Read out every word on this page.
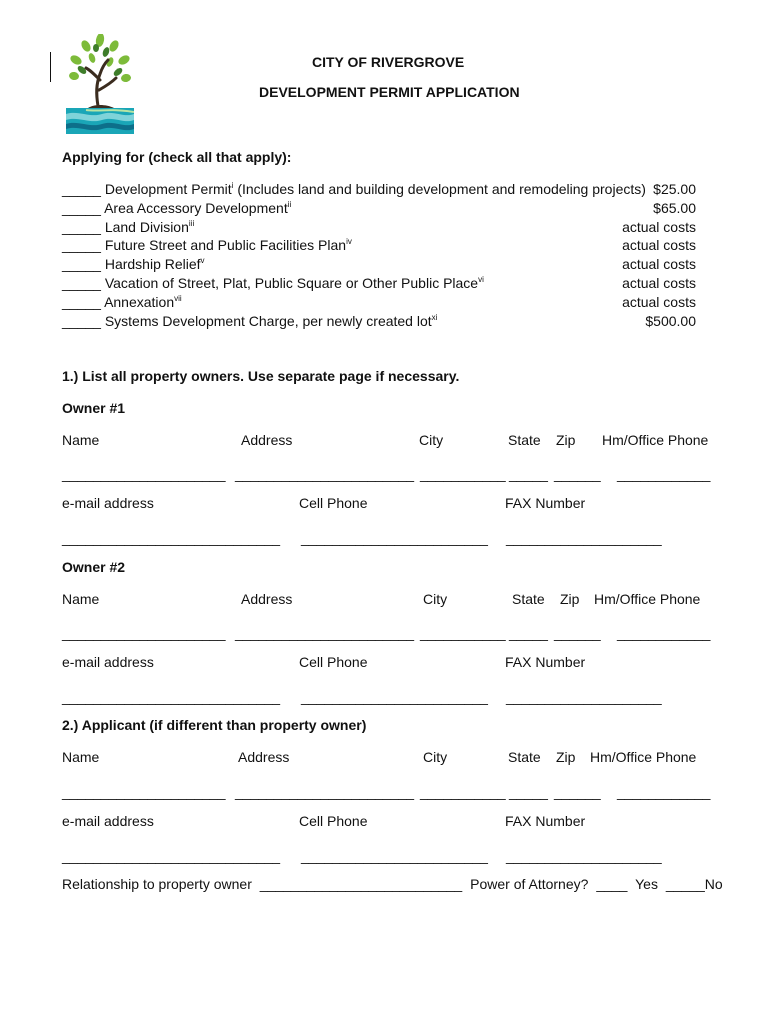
CITY OF RIVERGROVE
DEVELOPMENT PERMIT APPLICATION
Applying for (check all that apply):
_____ Development Permit$^i$ (Includes land and building development and remodeling projects) $25.00
_____ Area Accessory Development$^{ii}$	$65.00
_____ Land Division$^{iii}$	actual costs
_____ Future Street and Public Facilities Plan$^{iv}$	actual costs
_____ Hardship Relief$^v$	actual costs
_____ Vacation of Street, Plat, Public Square or Other Public Place$^{vi}$	actual costs
_____ Annexation$^{vii}$	actual costs
_____ Systems Development Charge, per newly created lot$^{xi}$	$500.00
1.) List all property owners. Use separate page if necessary.
Owner #1
Name	Address	City	State Zip Hm/Office Phone
_____________________ _______________________ ___________ _____ ______ ____________
e-mail address	Cell Phone	FAX Number
____________________________ ________________________ ____________________
Owner #2
Name	Address	City	State Zip Hm/Office Phone
_____________________ _______________________ ___________ _____ ______ ____________
e-mail address	Cell Phone	FAX Number
____________________________ ________________________ ____________________
2.) Applicant (if different than property owner)
Name	Address	City	State Zip Hm/Office Phone
_____________________ _______________________ ___________ _____ ______ ____________
e-mail address	Cell Phone	FAX Number
____________________________ ________________________ ____________________
Relationship to property owner __________________________ Power of Attorney? ____ Yes _____No
